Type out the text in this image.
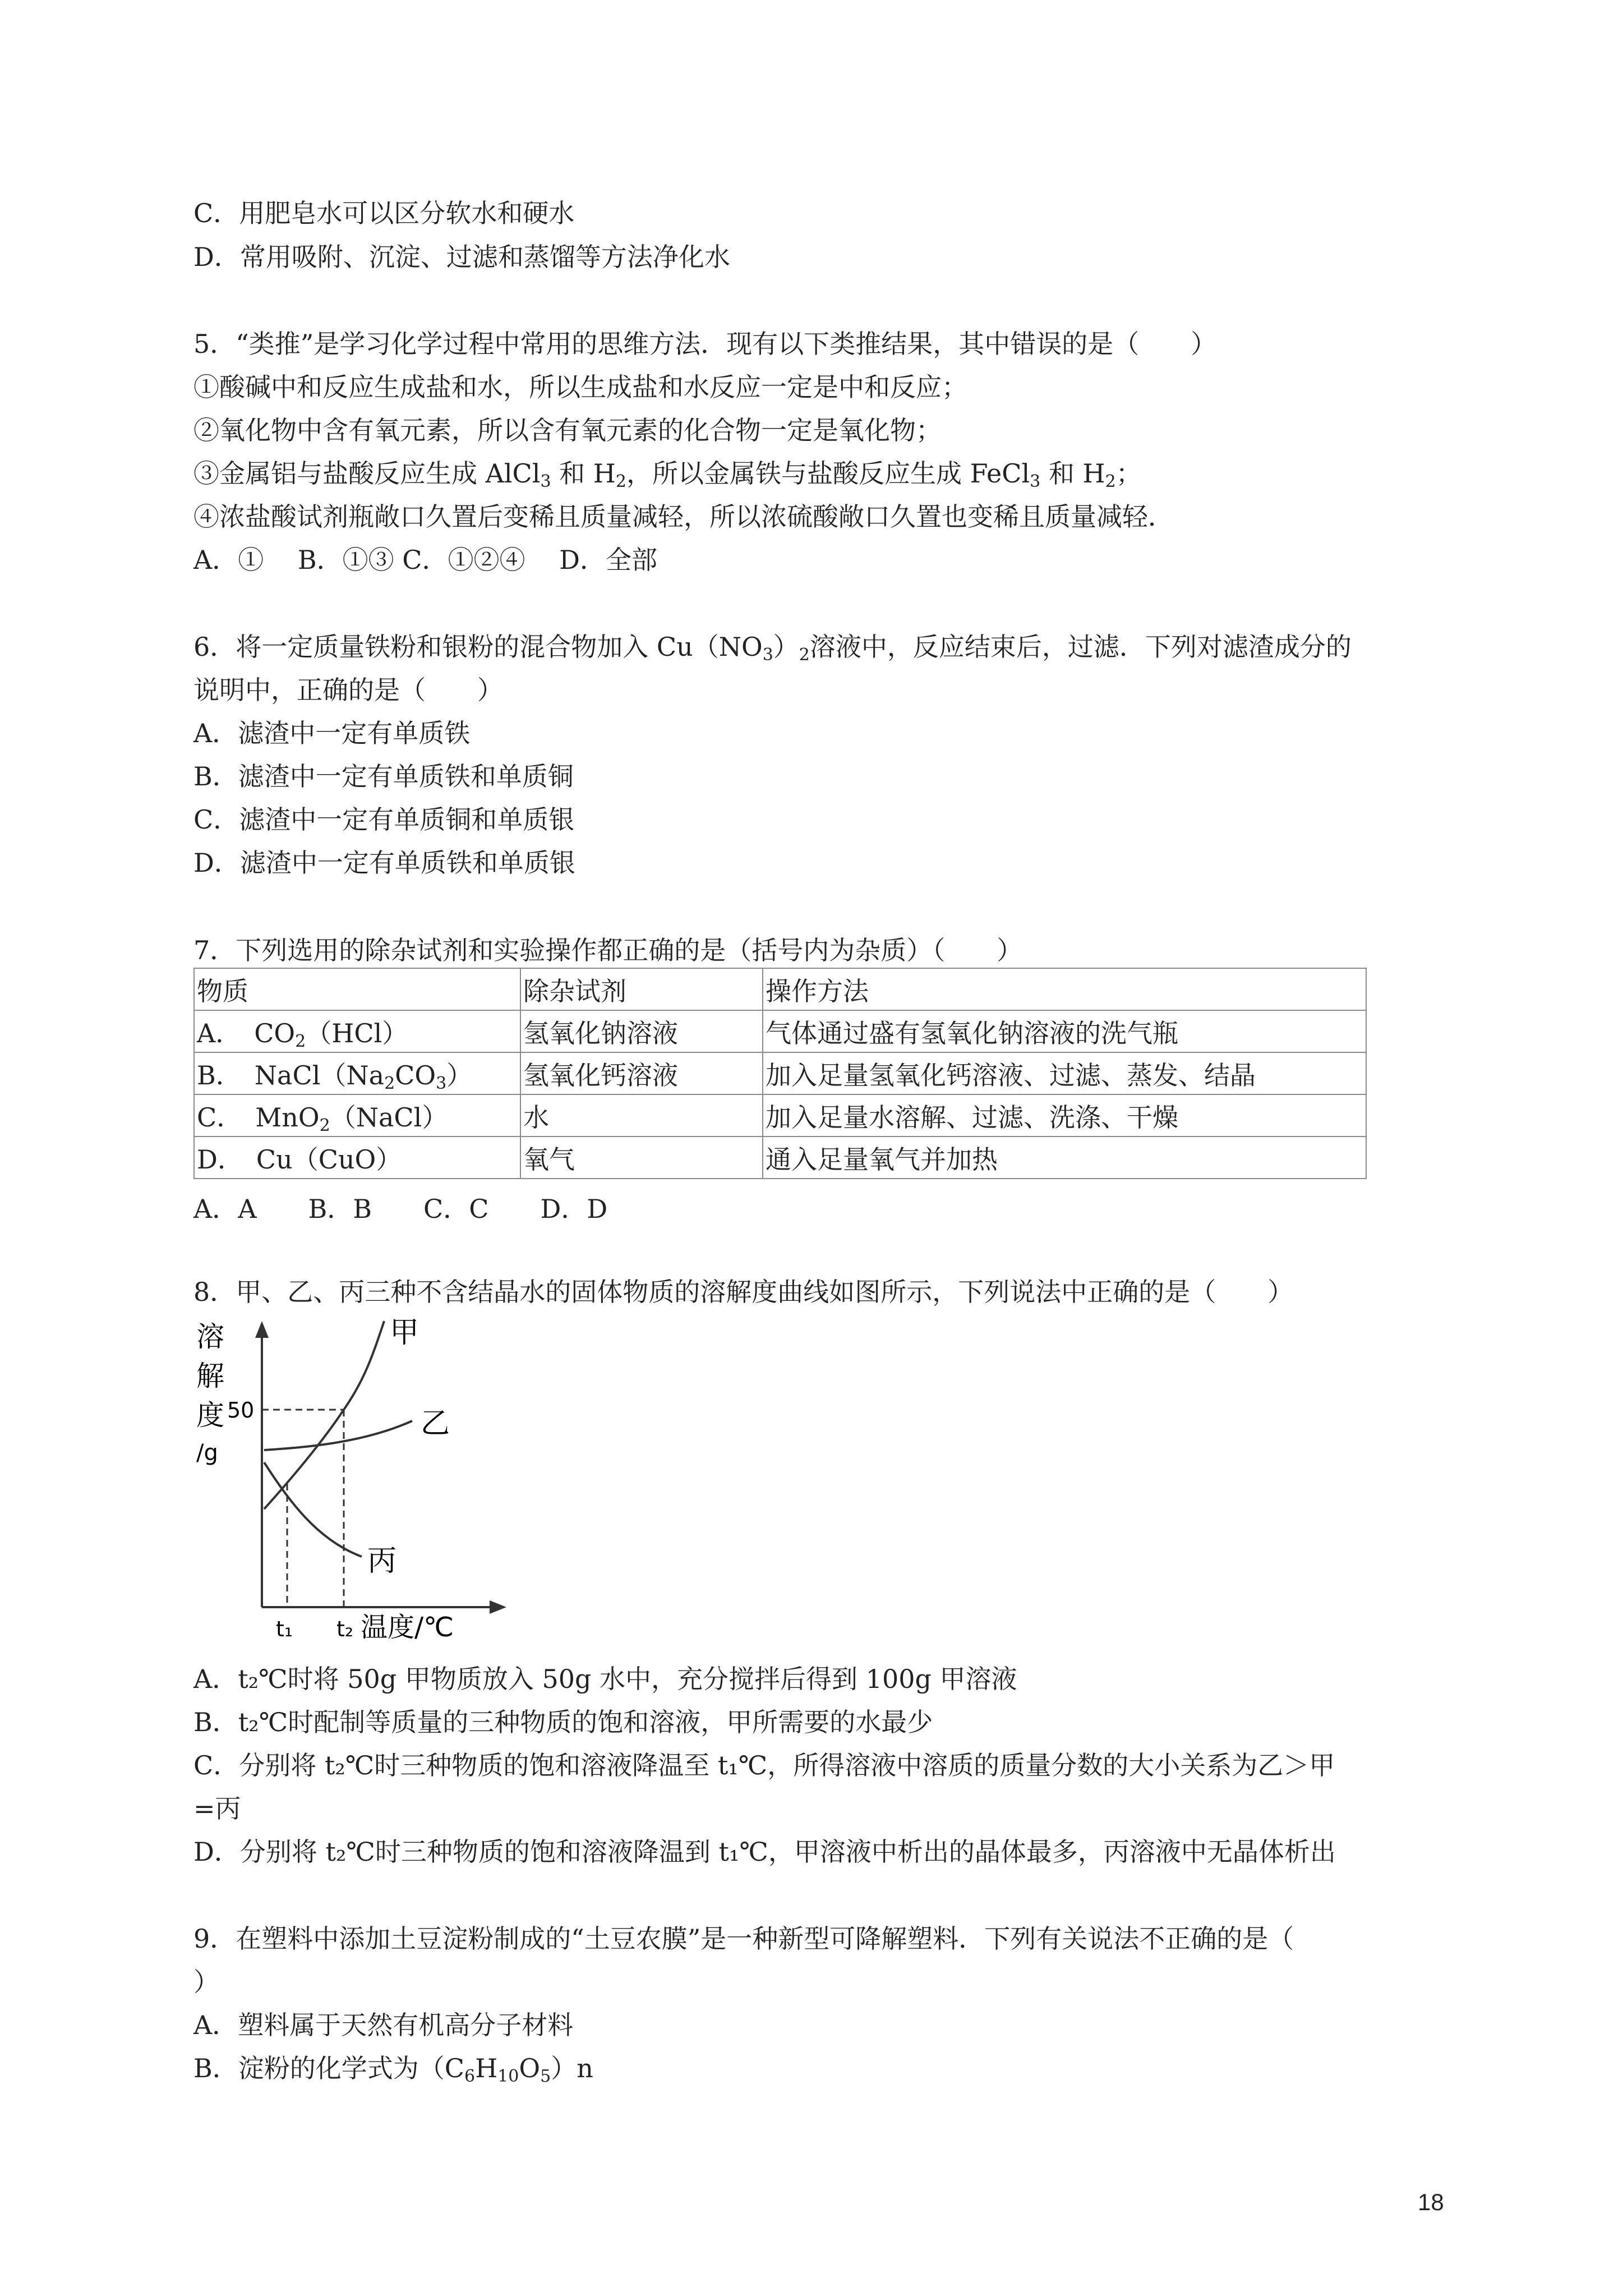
C．用肥皂水可以区分软水和硬水
D．常用吸附、沉淀、过滤和蒸馏等方法净化水
5．“类推”是学习化学过程中常用的思维方法．现有以下类推结果，其中错误的是（　　）
①酸碱中和反应生成盐和水，所以生成盐和水反应一定是中和反应；
②氧化物中含有氧元素，所以含有氧元素的化合物一定是氧化物；
③金属铝与盐酸反应生成 AlCl$_3$ 和 $H_2$，所以金属铁与盐酸反应生成 FeCl$_3$ 和 $H_2$；
④浓盐酸试剂瓶敞口久置后变稀且质量减轻，所以浓硫酸敞口久置也变稀且质量减轻．
A．①　 B．①③ C．①②④　 D．全部
6．将一定质量铁粉和银粉的混合物加入 $Cu(NO_3)_2$溶液中，反应结束后，过滤．下列对滤渣成分的
说明中，正确的是（　　）
A．滤渣中一定有单质铁
B．滤渣中一定有单质铁和单质铜
C．滤渣中一定有单质铜和单质银
D．滤渣中一定有单质铁和单质银
7．下列选用的除杂试剂和实验操作都正确的是（括号内为杂质）（　　）
物质	除杂试剂	操作方法
A．　$CO_2(HCl)$	氢氧化钠溶液	气体通过盛有氢氧化钠溶液的洗气瓶
B．　$NaCl(Na_2CO_3)$	氢氧化钙溶液	加入足量氢氧化钙溶液、过滤、蒸发、结晶
C．　MnO$_2$（NaCl）	水	加入足量水溶解、过滤、洗涤、干燥
D．　Cu（CuO）	氧气	通入足量氧气并加热
A．A　　B．B　　C．C　　D．D
8．甲、乙、丙三种不含结晶水的固体物质的溶解度曲线如图所示，下列说法中正确的是（　　）
溶
解
度
/g
50
t₁ t₂ 温度/℃
甲
乙
丙
A．t₂℃时将 50g 甲物质放入 50g 水中，充分搅拌后得到 100g 甲溶液
B．t₂℃时配制等质量的三种物质的饱和溶液，甲所需要的水最少
C．分别将 t₂℃时三种物质的饱和溶液降温至 t₁℃，所得溶液中溶质的质量分数的大小关系为乙＞甲
=丙
D．分别将 t₂℃时三种物质的饱和溶液降温到 t₁℃，甲溶液中析出的晶体最多，丙溶液中无晶体析出
9．在塑料中添加土豆淀粉制成的“土豆农膜”是一种新型可降解塑料．下列有关说法不正确的是（
）
A．塑料属于天然有机高分子材料
B．淀粉的化学式为$(C_6H_{10}O_5)n$
18
